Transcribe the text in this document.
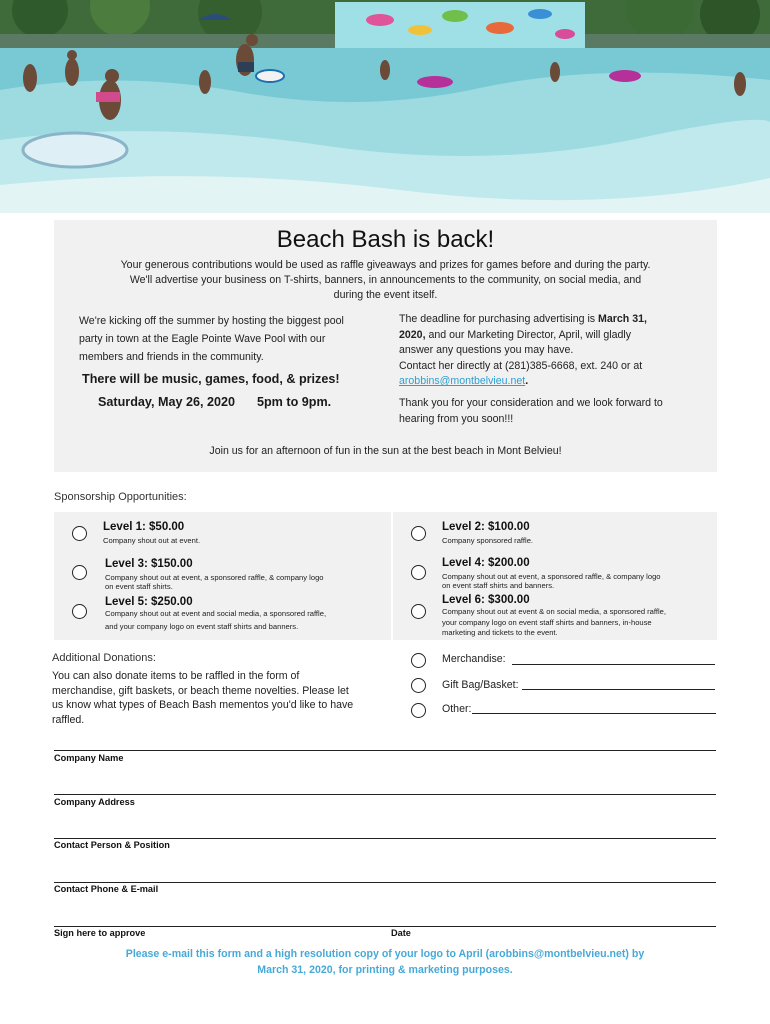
Beach Bash is back!
Your generous contributions would be used as raffle giveaways and prizes for games before and during the party.
We'll advertise your business on T-shirts, banners, in announcements to the community, on social media, and
during the event itself.
We're kicking off the summer by hosting the biggest pool
party in town at the Eagle Pointe Wave Pool with our
members and friends in the community.
There will be music, games, food, & prizes!
Saturday, May 26, 2020 5pm to 9pm.
The deadline for purchasing advertising is March 31,
2020, and our Marketing Director, April, will gladly
answer any questions you may have.
Contact her directly at (281)385-6668, ext. 240 or at
arobbins@montbelvieu.net.
Thank you for your consideration and we look forward to
hearing from you soon!!!
Join us for an afternoon of fun in the sun at the best beach in Mont Belvieu!
Sponsorship Opportunities:
Level 1: $50.00
Company shout out at event.
Level 2: $100.00
Company sponsored raffle.
Level 3: $150.00
Company shout out at event, a sponsored raffle, & company logo
on event staff shirts.
Level 4: $200.00
Company shout out at event, a sponsored raffle, & company logo
on event staff shirts and banners.
Level 5: $250.00
Company shout out at event and social media, a sponsored raffle,
and your company logo on event staff shirts and banners.
Level 6: $300.00
Company shout out at event & on social media, a sponsored raffle,
your company logo on event staff shirts and banners, in-house
marketing and tickets to the event.
Additional Donations:
You can also donate items to be raffled in the form of
merchandise, gift baskets, or beach theme novelties. Please let
us know what types of Beach Bash mementos you'd like to have
raffled.
Merchandise:
Gift Bag/Basket:
Other:
Company Name
Company Address
Contact Person & Position
Contact Phone & E-mail
Sign here to approve	Date
Please e-mail this form and a high resolution copy of your logo to April (arobbins@montbelvieu.net) by
March 31, 2020, for printing & marketing purposes.
